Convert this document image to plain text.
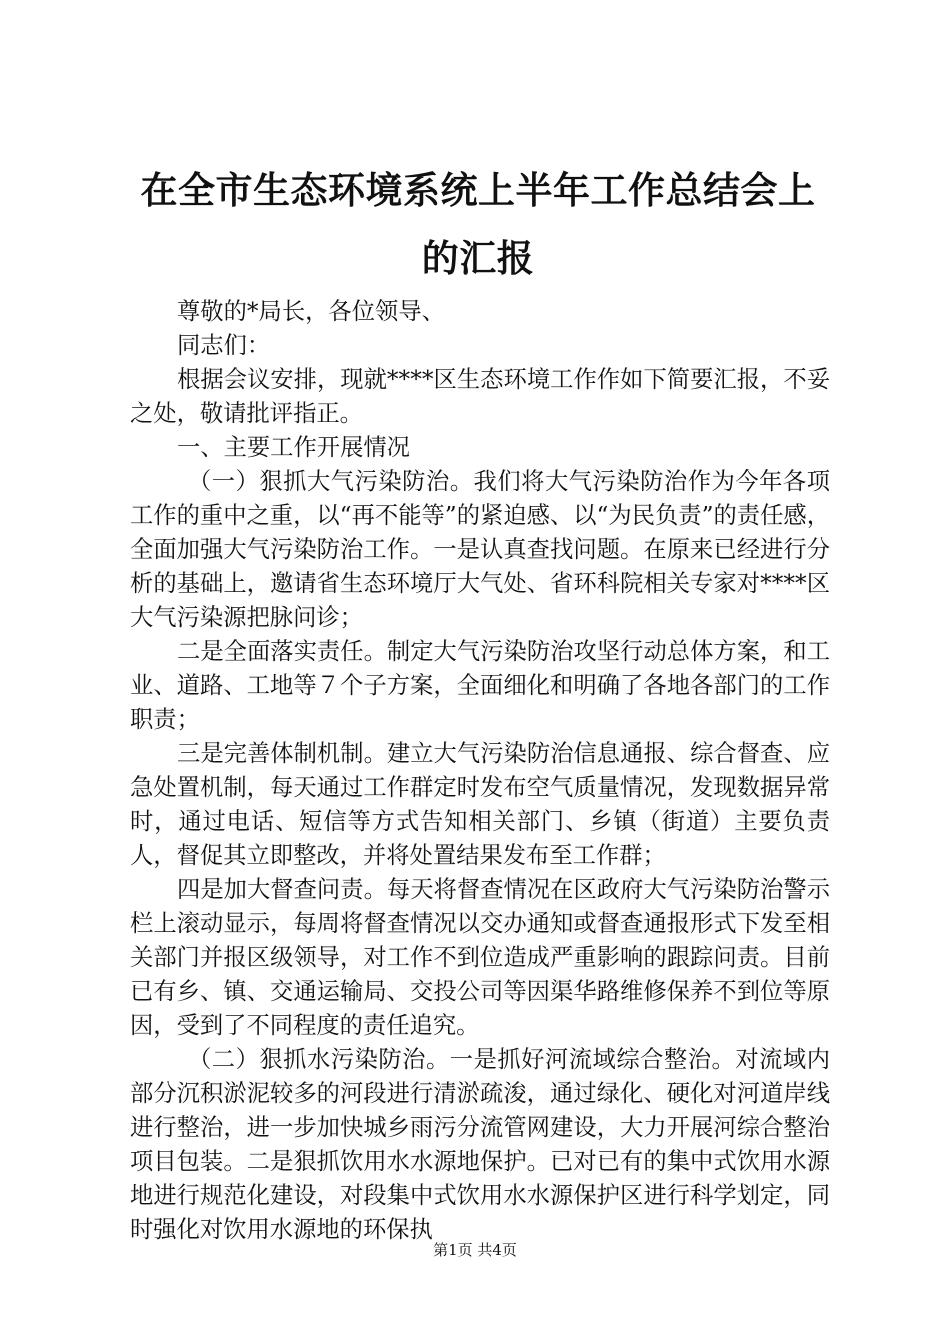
在全市生态环境系统上半年工作总结会上的汇报

尊敬的*局长，各位领导、

同志们：

根据会议安排，现就****区生态环境工作作如下简要汇报，不妥之处，敬请批评指正。

一、主要工作开展情况

（一）狠抓大气污染防治。我们将大气污染防治作为今年各项工作的重中之重，以“再不能等”的紧迫感、以“为民负责”的责任感，全面加强大气污染防治工作。一是认真查找问题。在原来已经进行分析的基础上，邀请省生态环境厅大气处、省环科院相关专家对****区大气污染源把脉问诊；

二是全面落实责任。制定大气污染防治攻坚行动总体方案，和工业、道路、工地等７个子方案，全面细化和明确了各地各部门的工作职责；

三是完善体制机制。建立大气污染防治信息通报、综合督查、应急处置机制，每天通过工作群定时发布空气质量情况，发现数据异常时，通过电话、短信等方式告知相关部门、乡镇（街道）主要负责人，督促其立即整改，并将处置结果发布至工作群；

四是加大督查问责。每天将督查情况在区政府大气污染防治警示栏上滚动显示，每周将督查情况以交办通知或督查通报形式下发至相关部门并报区级领导，对工作不到位造成严重影响的跟踪问责。目前已有乡、镇、交通运输局、交投公司等因渠华路维修保养不到位等原因，受到了不同程度的责任追究。

（二）狠抓水污染防治。一是抓好河流域综合整治。对流域内部分沉积淤泥较多的河段进行清淤疏浚，通过绿化、硬化对河道岸线进行整治，进一步加快城乡雨污分流管网建设，大力开展河综合整治项目包装。二是狠抓饮用水水源地保护。已对已有的集中式饮用水源地进行规范化建设，对段集中式饮用水水源保护区进行科学划定，同时强化对饮用水源地的环保执

第1页 共4页
